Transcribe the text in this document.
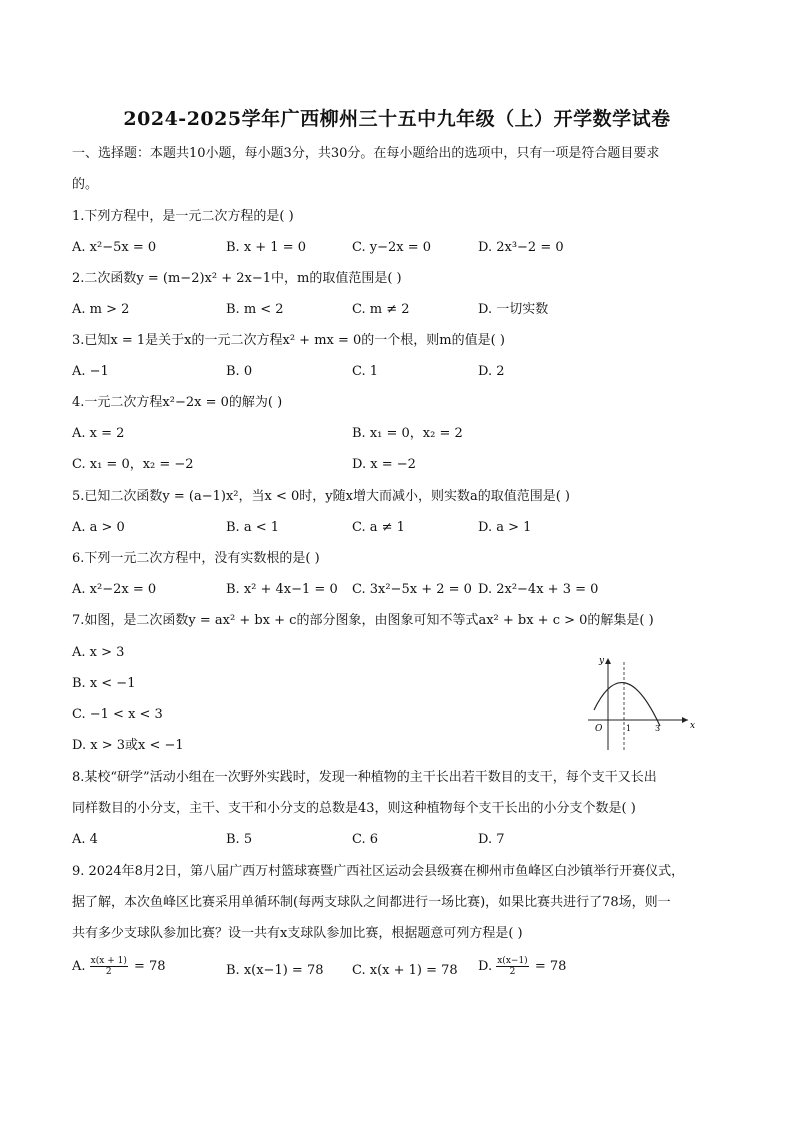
2024-2025学年广西柳州三十五中九年级（上）开学数学试卷
一、选择题：本题共10小题，每小题3分，共30分。在每小题给出的选项中，只有一项是符合题目要求
的。
1.下列方程中，是一元二次方程的是( )
A. x²−5x = 0	B. x + 1 = 0	C. y−2x = 0	D. 2x³−2 = 0
2.二次函数y = (m−2)x² + 2x−1中，m的取值范围是( )
A. m > 2	B. m < 2	C. m ≠ 2	D. 一切实数
3.已知x = 1是关于x的一元二次方程x² + mx = 0的一个根，则m的值是( )
A. −1	B. 0	C. 1	D. 2
4.一元二次方程x²−2x = 0的解为( )
A. x = 2	B. x₁ = 0，x₂ = 2
C. x₁ = 0，x₂ = −2	D. x = −2
5.已知二次函数y = (a−1)x²，当x < 0时，y随x增大而减小，则实数a的取值范围是( )
A. a > 0	B. a < 1	C. a ≠ 1	D. a > 1
6.下列一元二次方程中，没有实数根的是( )
A. x²−2x = 0	B. x² + 4x−1 = 0 C. 3x²−5x + 2 = 0 D. 2x²−4x + 3 = 0
7.如图，是二次函数y = ax² + bx + c的部分图象，由图象可知不等式ax² + bx + c > 0的解集是( )
A. x > 3
B. x < −1
C. −1 < x < 3
D. x > 3或x < −1
y
x
O	1	3
8.某校“研学”活动小组在一次野外实践时，发现一种植物的主干长出若干数目的支干，每个支干又长出
同样数目的小分支，主干、支干和小分支的总数是43，则这种植物每个支干长出的小分支个数是( )
A. 4	B. 5	C. 6	D. 7
9. 2024年8月2日，第八届广西万村篮球赛暨广西社区运动会县级赛在柳州市鱼峰区白沙镇举行开赛仪式，
据了解，本次鱼峰区比赛采用单循环制(每两支球队之间都进行一场比赛)，如果比赛共进行了78场，则一
共有多少支球队参加比赛？设一共有x支球队参加比赛，根据题意可列方程是( )
A. $\frac{x(x + 1)}{2} = 78$	B. x(x−1) = 78 C. x(x + 1) = 78 D. $\frac{x(x-1)}{2} = 78$
